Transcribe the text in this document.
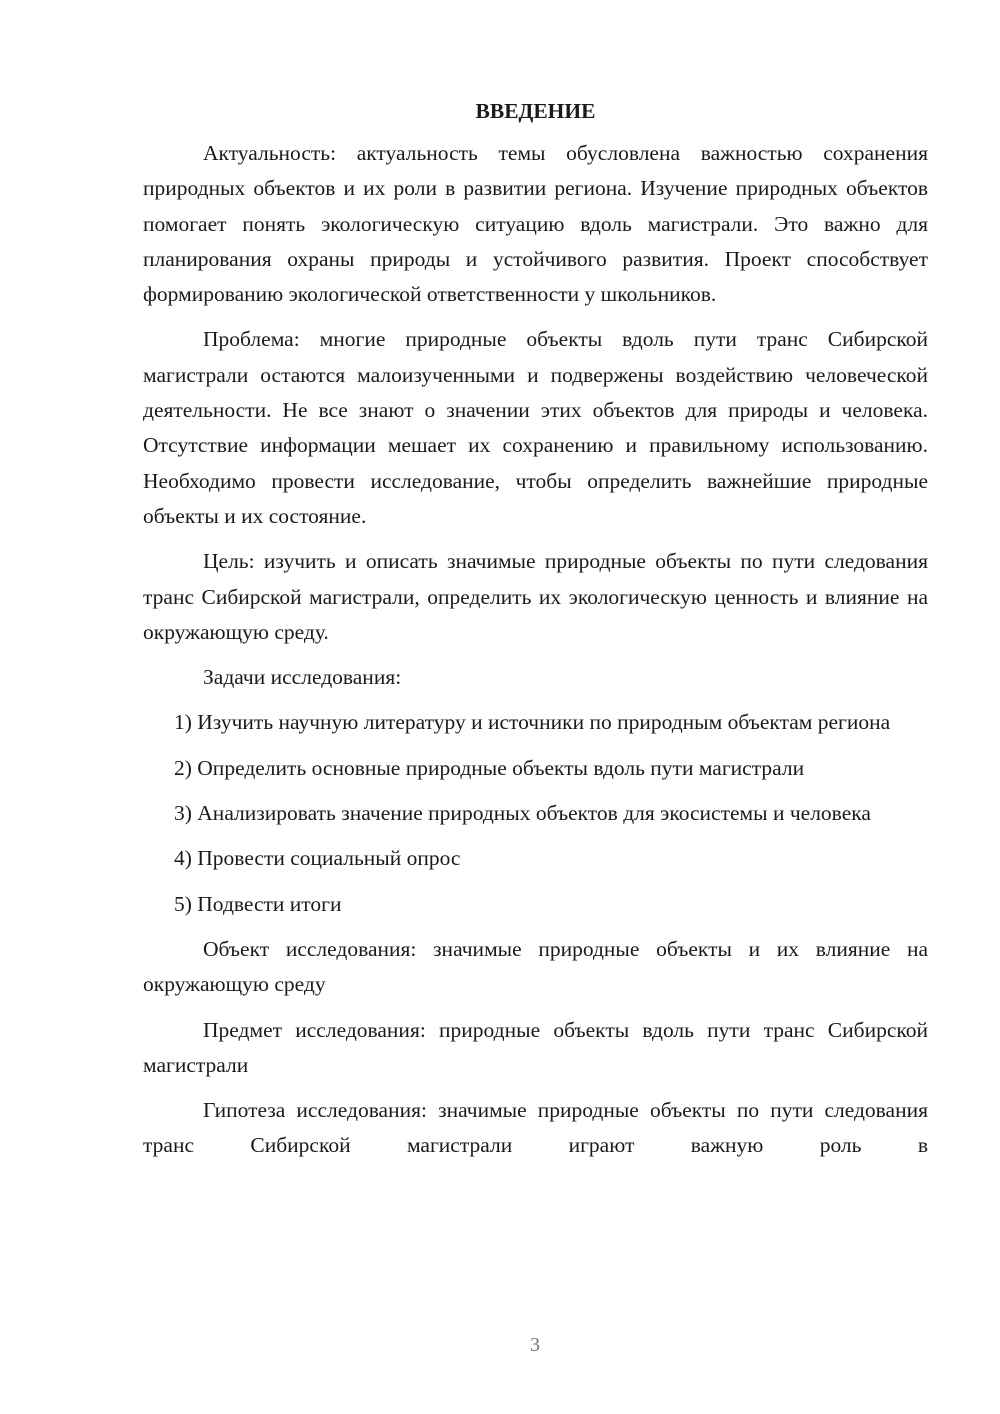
ВВЕДЕНИЕ

Актуальность: актуальность темы обусловлена важностью сохранения природных объектов и их роли в развитии региона. Изучение природных объектов помогает понять экологическую ситуацию вдоль магистрали. Это важно для планирования охраны природы и устойчивого развития. Проект способствует формированию экологической ответственности у школьников.

Проблема: многие природные объекты вдоль пути транс Сибирской магистрали остаются малоизученными и подвержены воздействию человеческой деятельности. Не все знают о значении этих объектов для природы и человека. Отсутствие информации мешает их сохранению и правильному использованию. Необходимо провести исследование, чтобы определить важнейшие природные объекты и их состояние.

Цель: изучить и описать значимые природные объекты по пути следования транс Сибирской магистрали, определить их экологическую ценность и влияние на окружающую среду.

Задачи исследования:

1) Изучить научную литературу и источники по природным объектам региона

2) Определить основные природные объекты вдоль пути магистрали

3) Анализировать значение природных объектов для экосистемы и человека

4) Провести социальный опрос

5) Подвести итоги

Объект исследования: значимые природные объекты и их влияние на окружающую среду

Предмет исследования: природные объекты вдоль пути транс Сибирской магистрали

Гипотеза исследования: значимые природные объекты по пути следования транс Сибирской магистрали играют важную роль в

3
